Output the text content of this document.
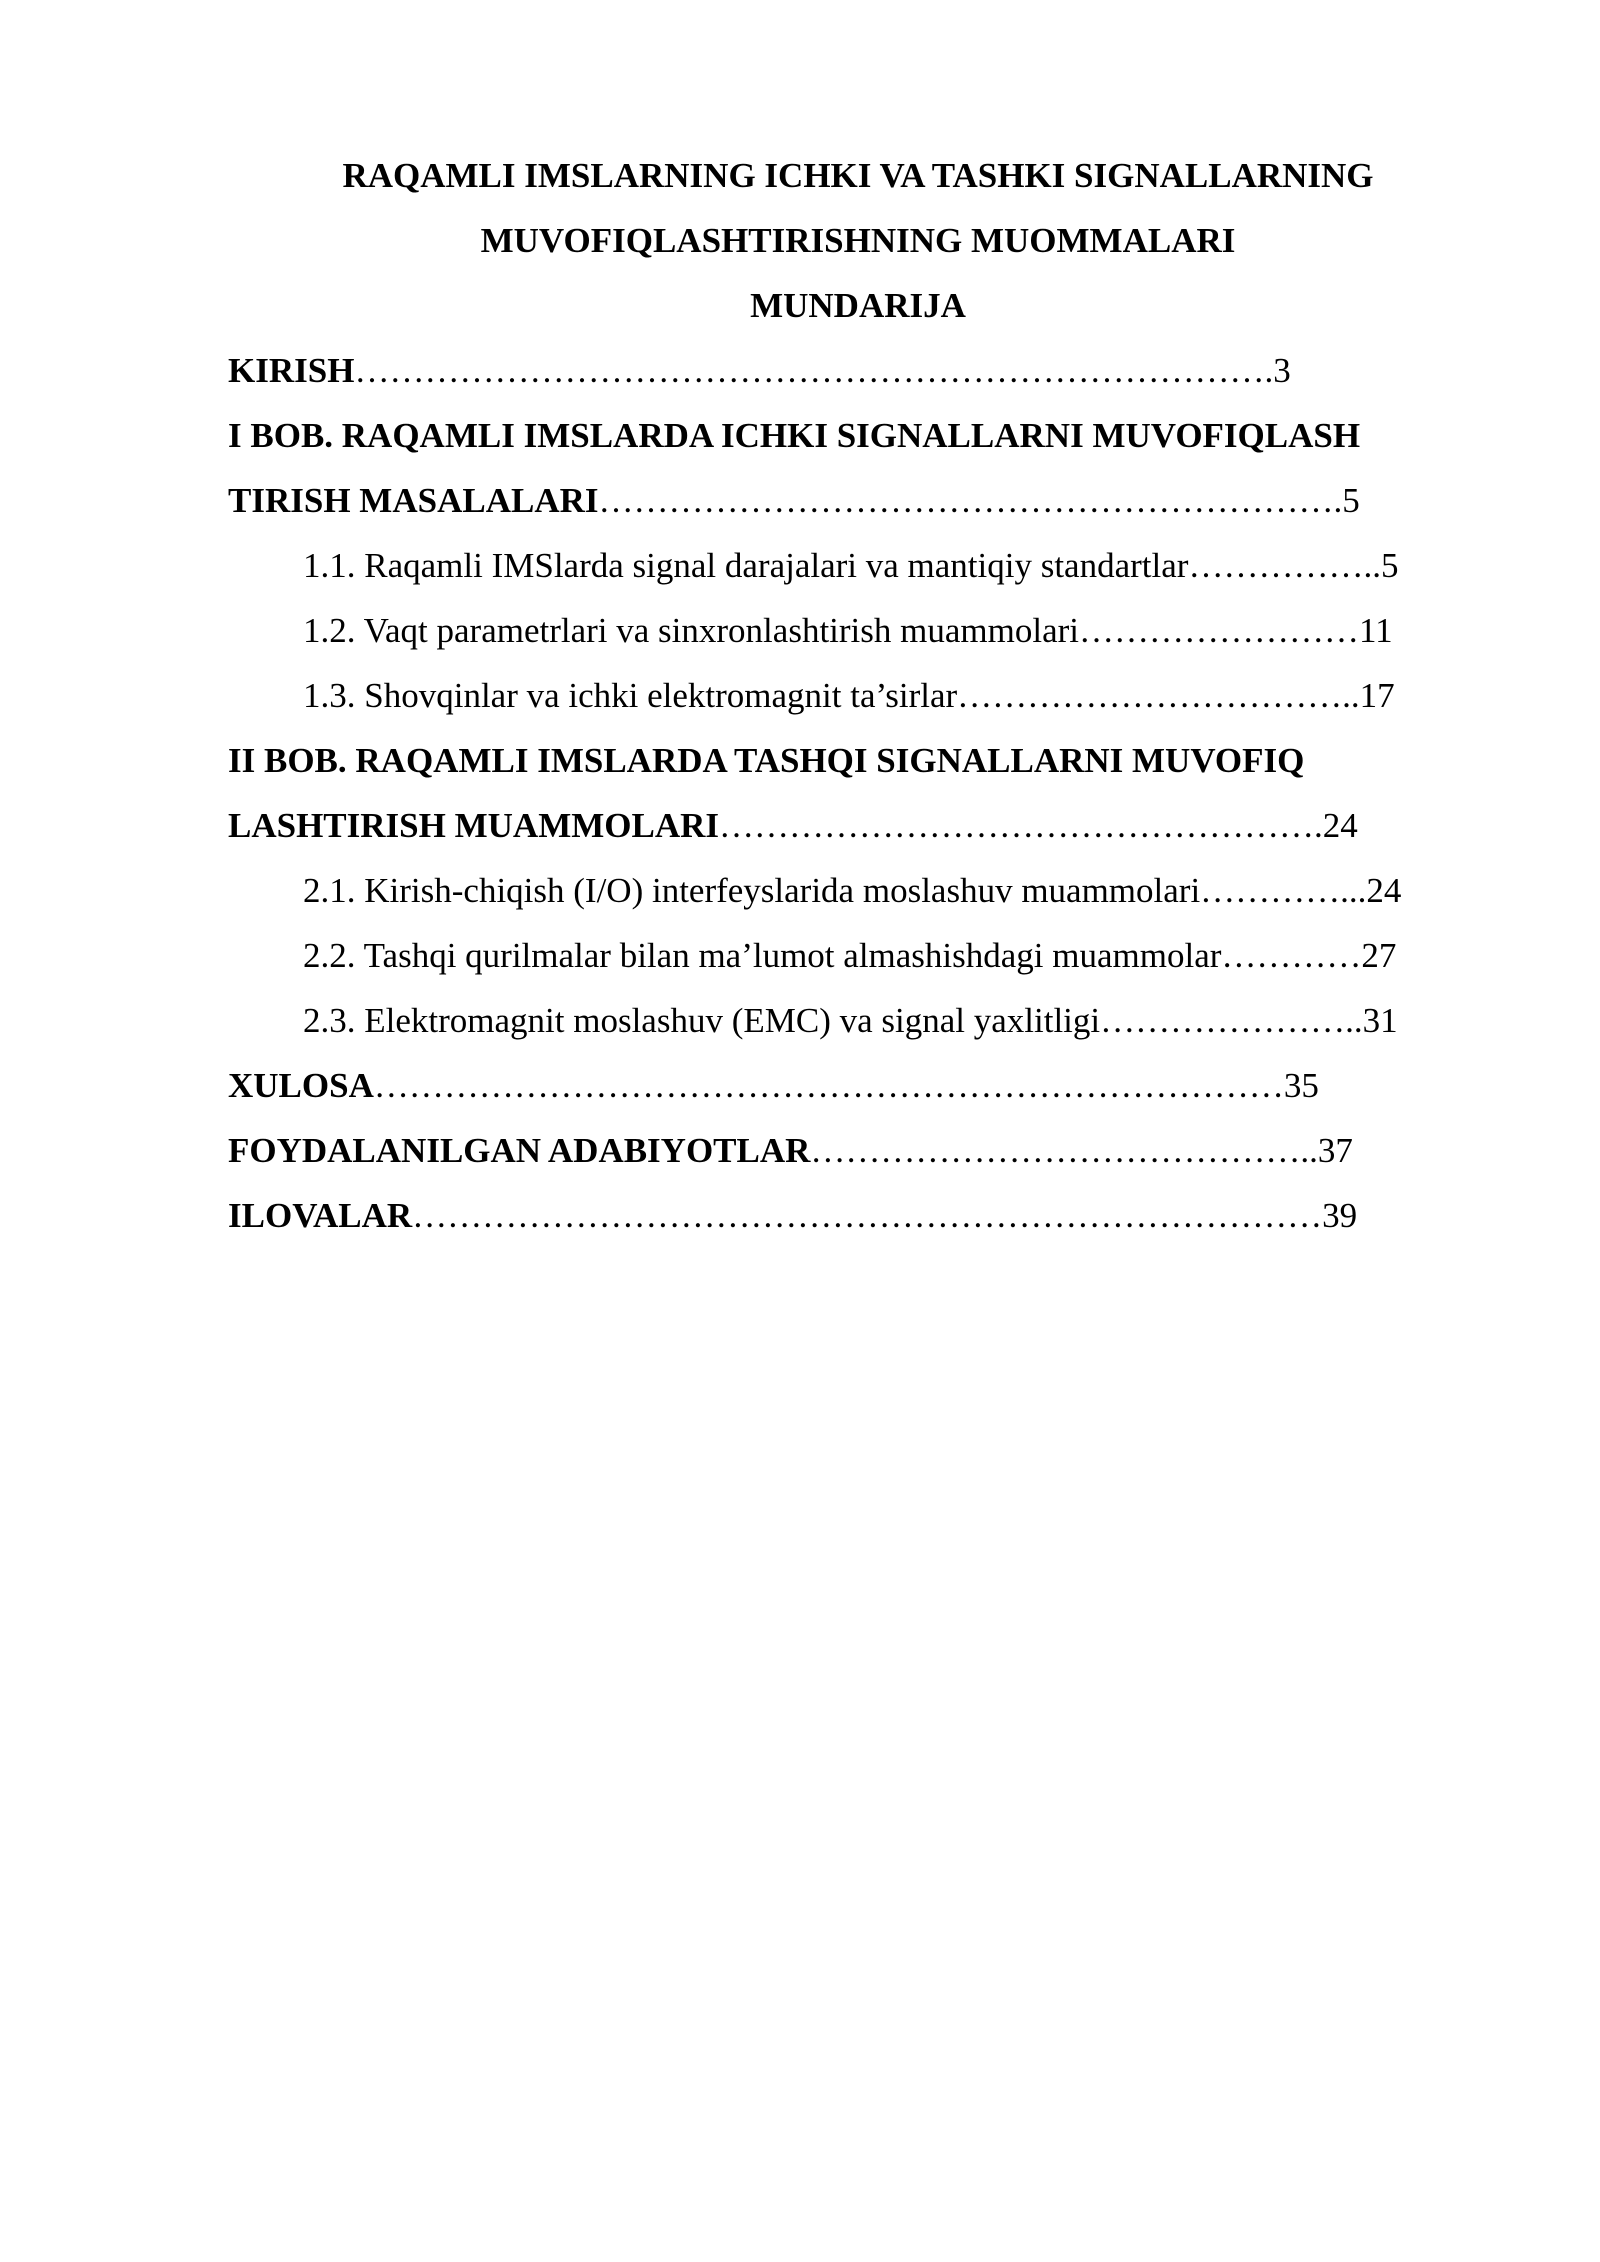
RAQAMLI IMSLARNING ICHKI VA TASHKI SIGNALLARNING
MUVOFIQLASHTIRISHNING MUOMMALARI
MUNDARIJA
KIRISH…………………………………………………………………….3
I BOB. RAQAMLI IMSLARDA ICHKI SIGNALLARNI MUVOFIQLASH
TIRISH MASALALARI……………………………………………………….5
1.1. Raqamli IMSlarda signal darajalari va mantiqiy standartlar……………..5
1.2. Vaqt parametrlari va sinxronlashtirish muammolari……………………11
1.3. Shovqinlar va ichki elektromagnit ta’sirlar……………………………..17
II BOB. RAQAMLI IMSLARDA TASHQI SIGNALLARNI MUVOFIQ
LASHTIRISH MUAMMOLARI…………………………………………….24
2.1. Kirish-chiqish (I/O) interfeyslarida moslashuv muammolari…………...24
2.2. Tashqi qurilmalar bilan ma’lumot almashishdagi muammolar…………27
2.3. Elektromagnit moslashuv (EMC) va signal yaxlitligi…………………..31
XULOSA……………………………………………………………………35
FOYDALANILGAN ADABIYOTLAR……………………………………..37
ILOVALAR……………………………………………………………………39
